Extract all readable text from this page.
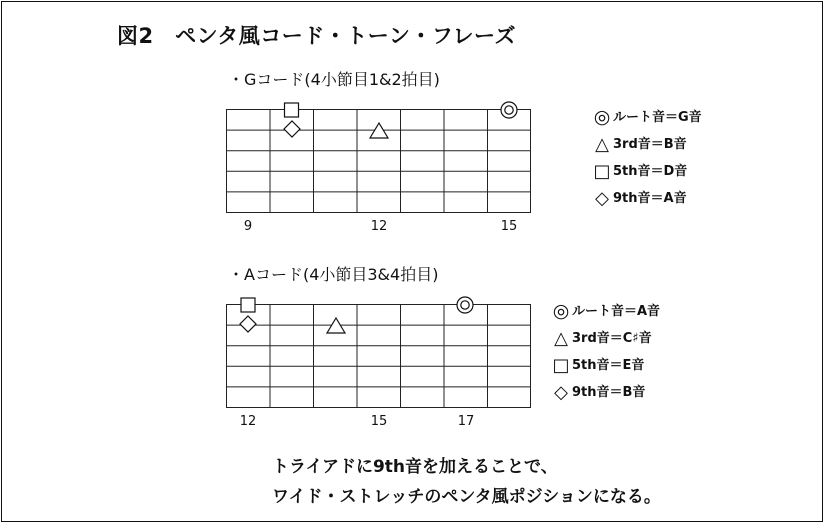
図2　ペンタ風コード・トーン・フレーズ
・Gコード(4小節目1&2拍目)
9	12	15
◎ ルート音＝G音
△ 3rd音＝B音
□ 5th音＝D音
◇ 9th音＝A音
・Aコード(4小節目3&4拍目)
12	15	17
◎ ルート音＝A音
△ 3rd音＝C♯音
□ 5th音＝E音
◇ 9th音＝B音
トライアドに9th音を加えることで、
ワイド・ストレッチのペンタ風ポジションになる。
